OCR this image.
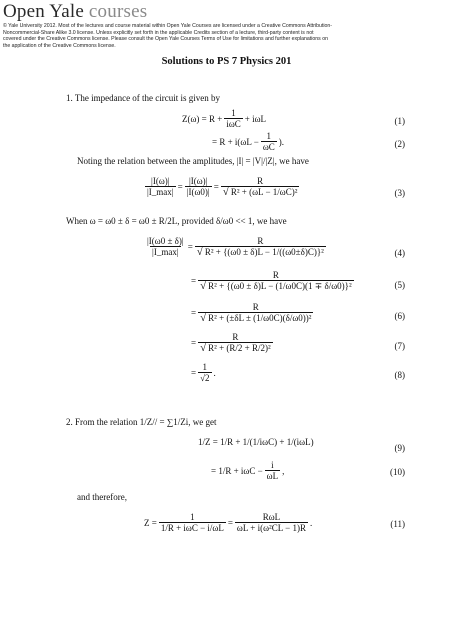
Open Yale courses
© Yale University 2012. Most of the lectures and course material within Open Yale Courses are licensed under a Creative Commons Attribution-Noncommercial-Share Alike 3.0 license. Unless explicitly set forth in the applicable Credits section of a lecture, third-party content is not covered under the Creative Commons license. Please consult the Open Yale Courses Terms of Use for limitations and further explanations on the application of the Creative Commons license.
Solutions to PS 7 Physics 201
1. The impedance of the circuit is given by
$Z(\omega) = R + \frac{1}{\text{iωC}} + i\omega L$	(1)
= $R + i(\omega L - \frac{1}{\omega C}$ ).	(2)
Noting the relation between the amplitudes, |I| = |V|/|Z|, we have
$\frac{|I(\omega)|}{|I\_\max|} = \frac{|I(\omega)|}{|I(\omega 0)|} = \frac{R}{\text{√ R² + (ωL − 1/ωC)²}}$	(3)
When ω = ω0 ± δ = ω0 ± R/2L, provided δ/ω0 << 1, we have
$\frac{|I(\omega 0 \pm \delta)|}{|I\_\max|} = \frac{R}{\text{√ R² + \{(ω0 ± δ)L − 1/((ω0±δ)C)\}²}}$	(4)
= $\frac{R}{\text{√ R² + \{(ω0 ± δ)L − (1/ω0C)(1 ∓ δ/ω0)\}²}}$	(5)
= $\frac{R}{\text{√ R² + (±δL ± (1/ω0C)(δ/ω0))²}}$	(6)
= $\frac{R}{\text{√ R² + (R/2 + R/2)²}}$	(7)
= $\frac{1}{√2}$ .	(8)
2. From the relation 1/Z// = ∑1/Zi, we get
1/Z = 1/R + 1/(1/iωC) + 1/(iωL)
(9)
= $1/R + i\omega C - \frac{i}{\omega L}$ ,	(10)
and therefore,
$Z = \frac{1}{\text{1/R + iωC − i/ωL}} = \frac{\text{RωL}}{\text{ωL + i(ω²CL − 1)R}}$ .	(11)
